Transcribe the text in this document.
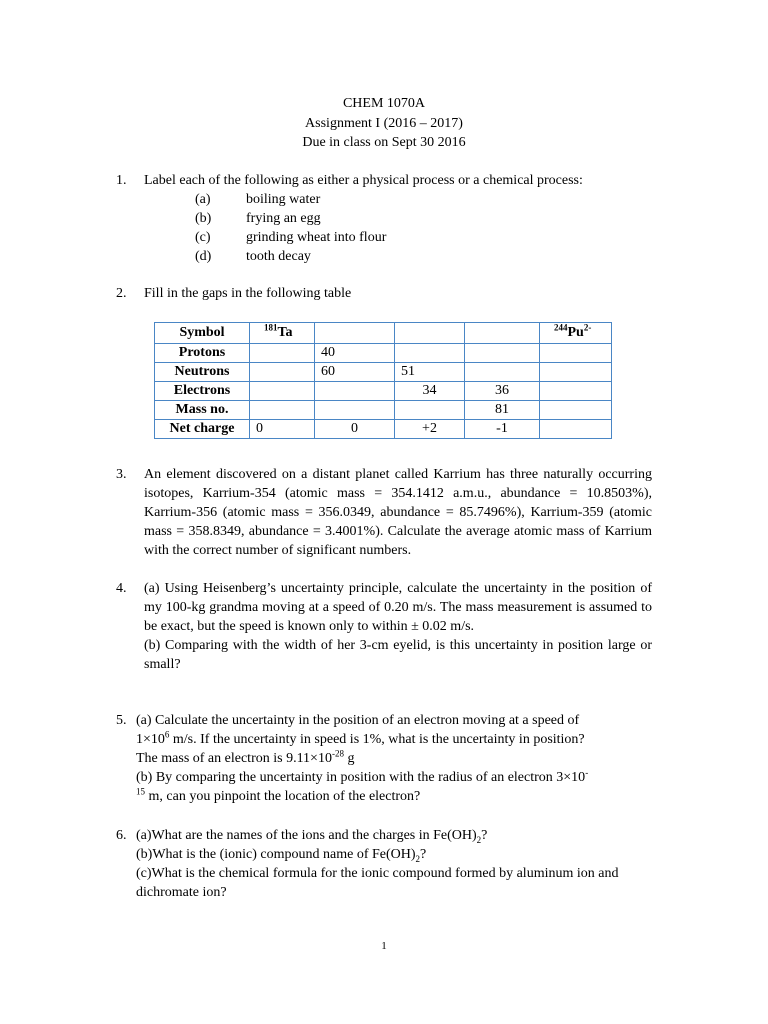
CHEM 1070A
Assignment I (2016 – 2017)
Due in class on Sept 30 2016
1. Label each of the following as either a physical process or a chemical process:
(a)	boiling water
(b) frying an egg
(c)	grinding wheat into flour
(d) tooth decay
2. Fill in the gaps in the following table
Symbol	$^{181}$Ta				$^{244}Pu^{2-}$
Protons		40			
Neutrons		60	51		
Electrons			34	36	
Mass no.				81	
Net charge	0	0	+2	-1	
3. An element discovered on a distant planet called Karrium has three naturally occurring isotopes, Karrium-354 (atomic mass = 354.1412 a.m.u., abundance = 10.8503%), Karrium-356 (atomic mass = 356.0349, abundance = 85.7496%), Karrium-359 (atomic mass = 358.8349, abundance = 3.4001%). Calculate the average atomic mass of Karrium with the correct number of significant numbers.
4. (a) Using Heisenberg’s uncertainty principle, calculate the uncertainty in the position of my 100-kg grandma moving at a speed of 0.20 m/s. The mass measurement is assumed to be exact, but the speed is known only to within ± 0.02 m/s.
(b) Comparing with the width of her 3-cm eyelid, is this uncertainty in position large or small?
5. (a) Calculate the uncertainty in the position of an electron moving at a speed of
$1\times 10^6$ m/s. If the uncertainty in speed is 1%, what is the uncertainty in position?
The mass of an electron is $9.11\times 10^{-28}$ g
(b) By comparing the uncertainty in position with the radius of an electron 3×10-
$^{15}$ m, can you pinpoint the location of the electron?
6. (a)What are the names of the ions and the charges in $Fe(OH)_2$?
(b)What is the (ionic) compound name of $Fe(OH)_2$?
(c)What is the chemical formula for the ionic compound formed by aluminum ion and dichromate ion?
1
